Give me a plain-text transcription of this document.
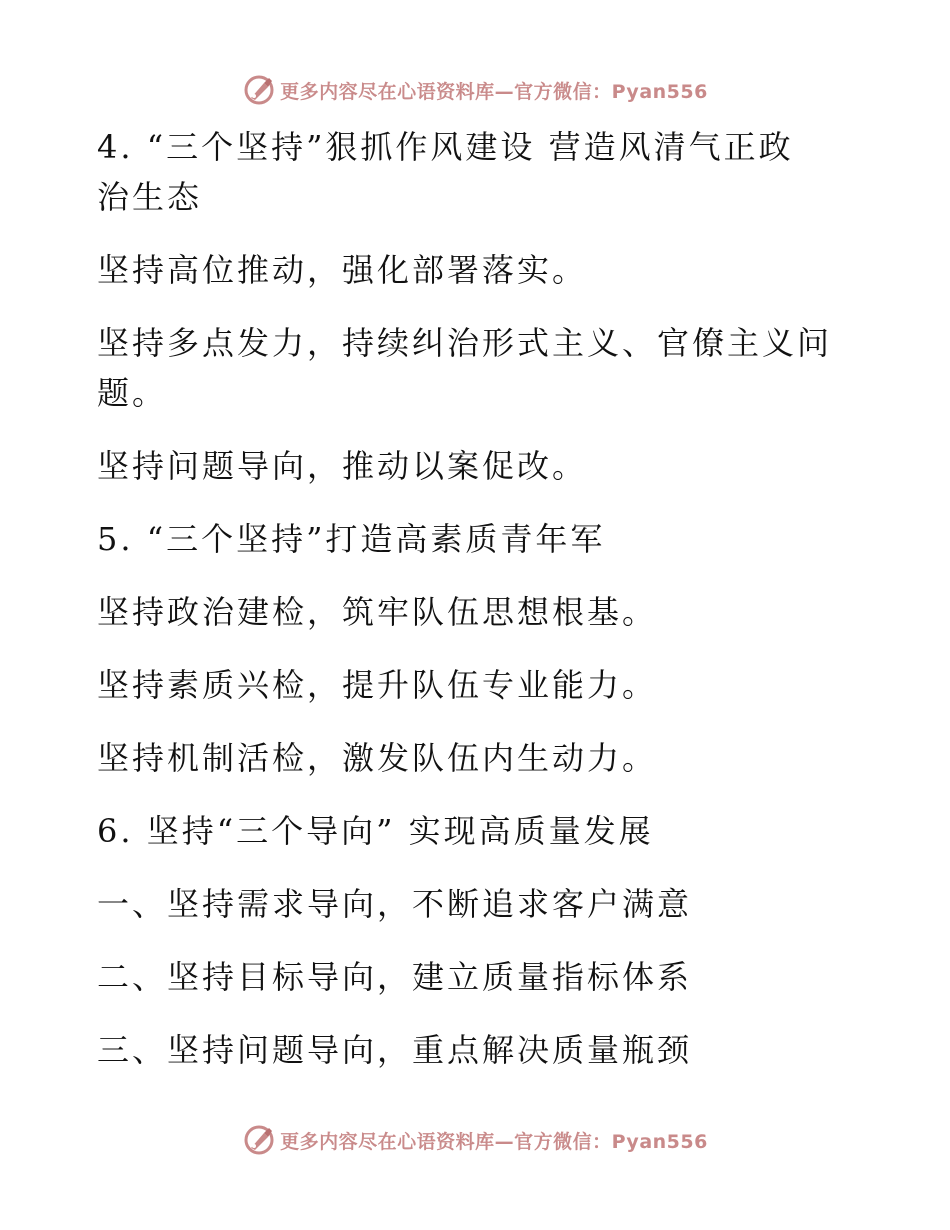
更多内容尽在心语资料库—官方微信：Pyan556
4. “三个坚持”狠抓作风建设 营造风清气正政
治生态
坚持高位推动，强化部署落实。
坚持多点发力，持续纠治形式主义、官僚主义问
题。
坚持问题导向，推动以案促改。
5. “三个坚持”打造高素质青年军
坚持政治建检，筑牢队伍思想根基。
坚持素质兴检，提升队伍专业能力。
坚持机制活检，激发队伍内生动力。
6. 坚持“三个导向” 实现高质量发展
一、坚持需求导向，不断追求客户满意
二、坚持目标导向，建立质量指标体系
三、坚持问题导向，重点解决质量瓶颈
更多内容尽在心语资料库—官方微信：Pyan556
